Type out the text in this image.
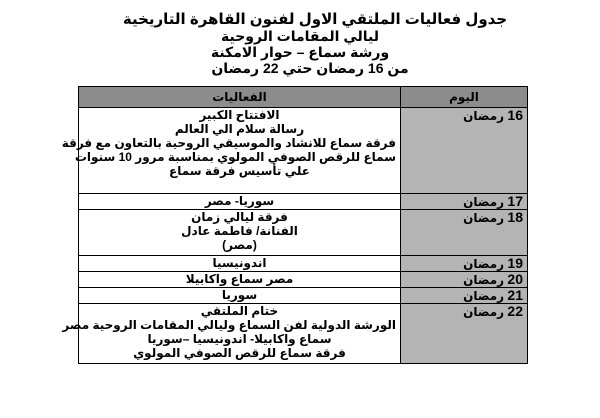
جدول فعاليات الملتقي الاول لفنون القاهرة التاريخية
ليالي المقامات الروحية
ورشة سماع – حوار الامكنة
من 16 رمضان حتي 22 رمضان
اليوم	الفعاليات
16 رمضان	الافتتاح الكبير
رسالة سلام الي العالم
فرقة سماع للانشاد والموسيقي الروحية بالتعاون مع فرقة
سماع للرقص الصوفي المولوي بمناسبة مرور 10 سنوات
علي تأسيس فرقة سماع

17 رمضان	سوريا- مصر

18 رمضان	فرقة ليالي زمان
الفنانة/ فاطمة عادل
(مصر)

19 رمضان	اندونيسيا

20 رمضان	مصر سماع واكابيلا

21 رمضان	سوريا

22 رمضان	ختام الملتقي
الورشة الدولية لفن السماع وليالي المقامات الروحية مصر
سماع واكابيلا- اندونيسيا –سوريا
فرقة سماع للرقص الصوفي المولوي
